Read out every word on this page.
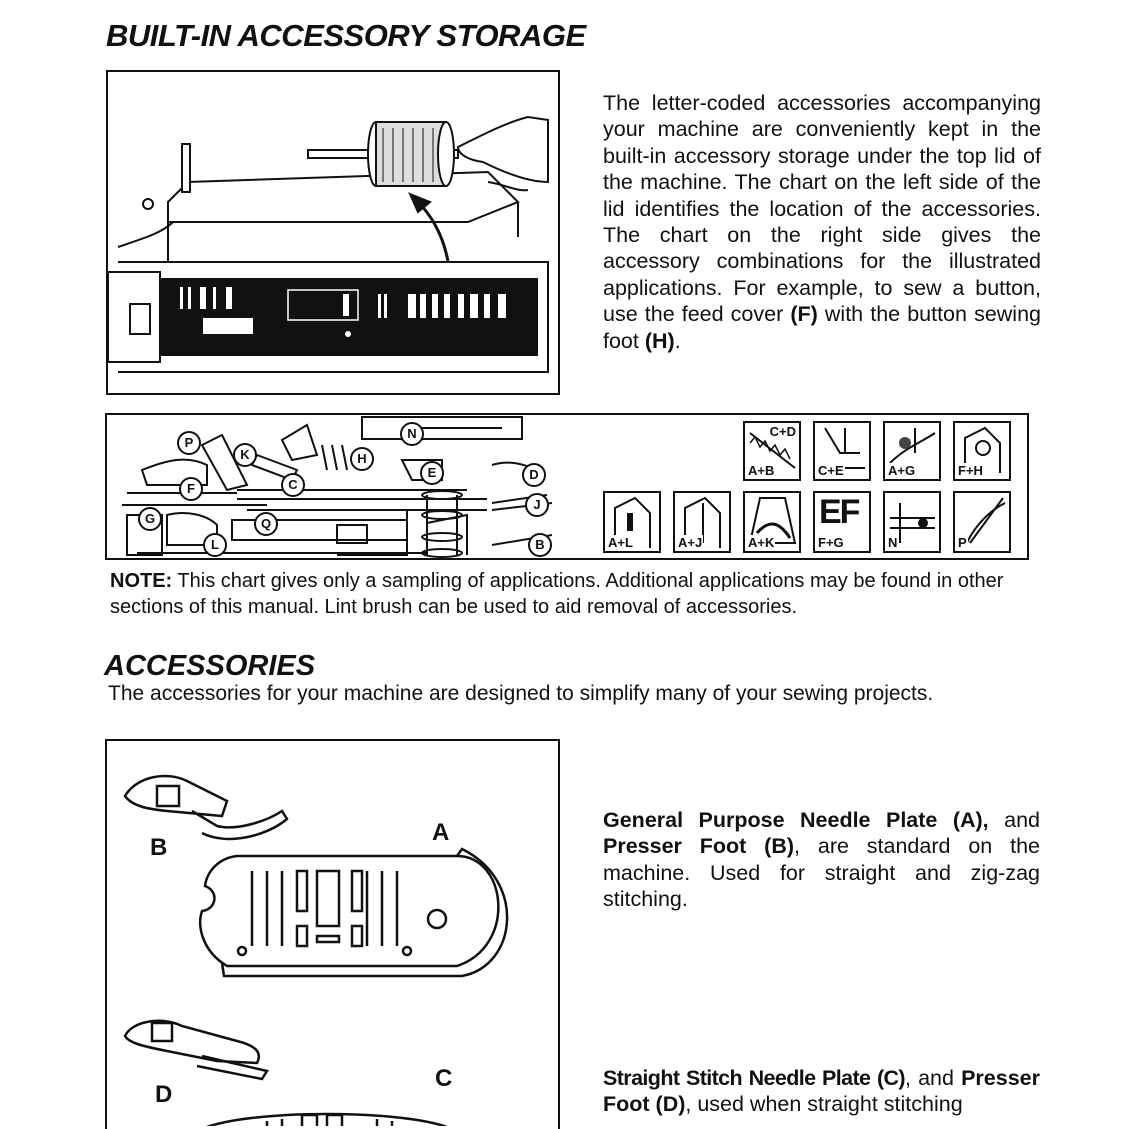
BUILT-IN ACCESSORY STORAGE

The letter-coded accessories accompanying your machine are conveniently kept in the built-in accessory storage under the top lid of the machine. The chart on the left side of the lid identifies the location of the accessories. The chart on the right side gives the accessory combinations for the illustrated applications. For example, to sew a button, use the feed cover (F) with the button sewing foot (H).

P
K	H
N
E	D
F	C
J
G	Q
L	B
A+B
C+D
C+E	A+G	F+H
A+L	A+J	A+K
EF
F+G	N	P

NOTE: This chart gives only a sampling of applications. Additional applications may be found in other sections of this manual. Lint brush can be used to aid removal of accessories.

ACCESSORIES

The accessories for your machine are designed to simplify many of your sewing projects.

B
A
D
C

General Purpose Needle Plate (A), and Presser Foot (B), are standard on the machine. Used for straight and zig-zag stitching.

Straight Stitch Needle Plate (C), and Presser Foot (D), used when straight stitching
